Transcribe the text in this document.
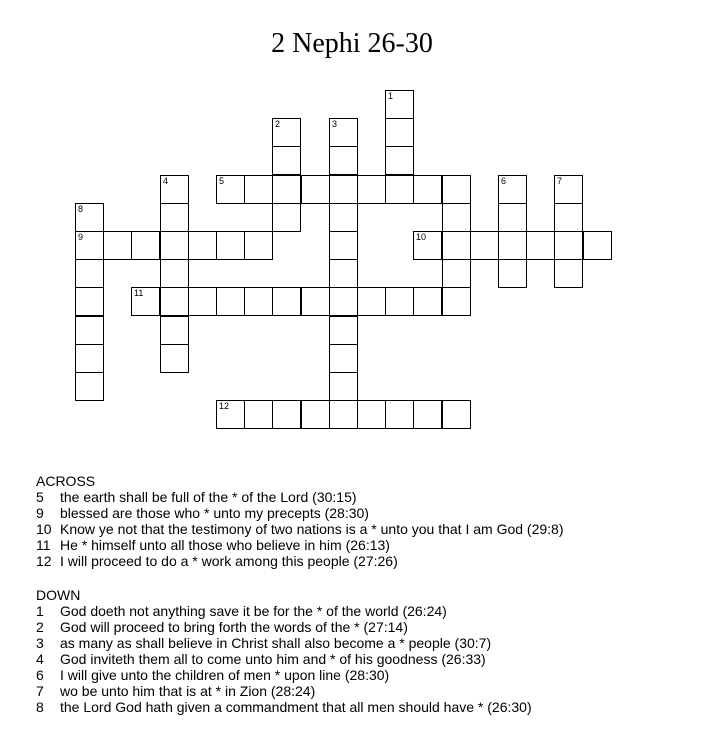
2 Nephi 26-30
1
2	3
4	5	6	7
8
9	10
11
12
ACROSS
5 the earth shall be full of the * of the Lord (30:15)
9 blessed are those who * unto my precepts (28:30)
10 Know ye not that the testimony of two nations is a * unto you that I am God (29:8)
11 He * himself unto all those who believe in him (26:13)
12 I will proceed to do a * work among this people (27:26)
DOWN
1 God doeth not anything save it be for the * of the world (26:24)
2 God will proceed to bring forth the words of the * (27:14)
3 as many as shall believe in Christ shall also become a * people (30:7)
4 God inviteth them all to come unto him and * of his goodness (26:33)
6 I will give unto the children of men * upon line (28:30)
7 wo be unto him that is at * in Zion (28:24)
8 the Lord God hath given a commandment that all men should have * (26:30)
